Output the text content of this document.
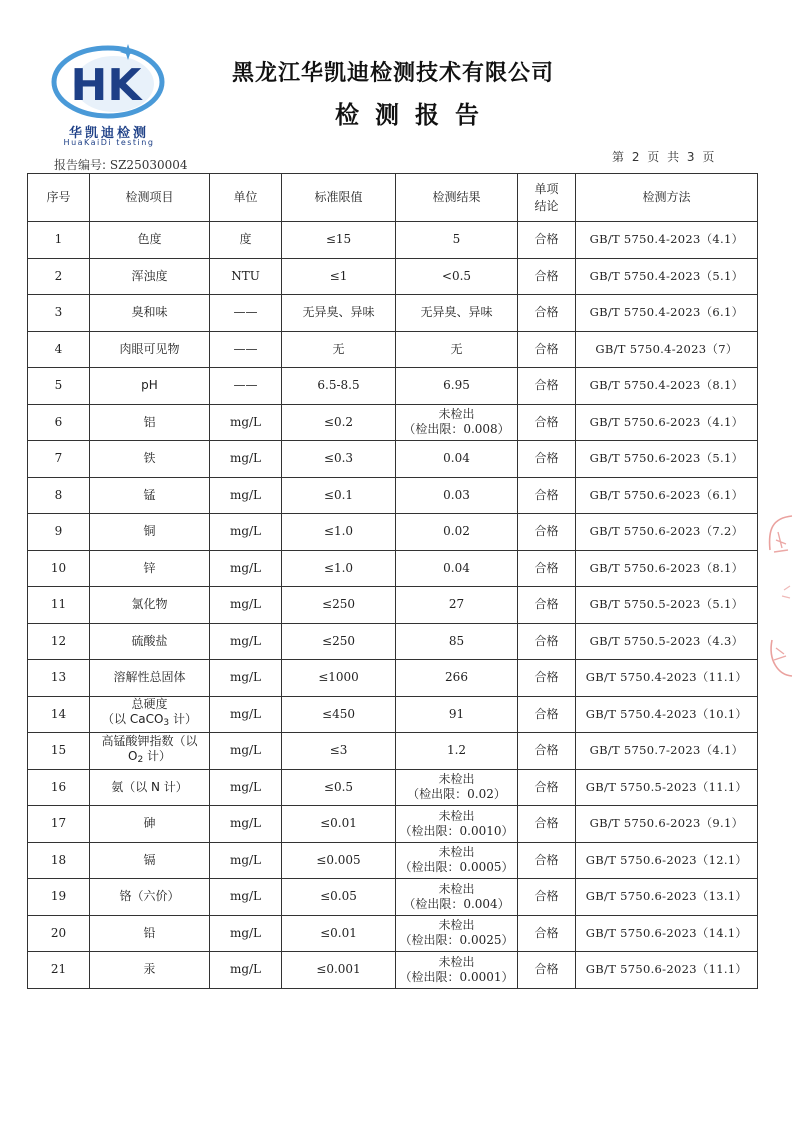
HK
华凯迪检测
HuaKaiDi testing
黑龙江华凯迪检测技术有限公司
检测报告
报告编号: SZ25030004
第 2 页 共 3 页
序号	检测项目	单位	标准限值	检测结果	单项结论	检测方法
1	色度	度	≤15	5	合格	GB/T 5750.4-2023（4.1）
2	浑浊度	NTU	≤1	<0.5	合格	GB/T 5750.4-2023（5.1）
3	臭和味	——	无异臭、异味	无异臭、异味	合格	GB/T 5750.4-2023（6.1）
4	肉眼可见物	——	无	无	合格	GB/T 5750.4-2023（7）
5	pH	——	6.5-8.5	6.95	合格	GB/T 5750.4-2023（8.1）
6	铝	mg/L	≤0.2	未检出
（检出限：0.008）	合格	GB/T 5750.6-2023（4.1）
7	铁	mg/L	≤0.3	0.04	合格	GB/T 5750.6-2023（5.1）
8	锰	mg/L	≤0.1	0.03	合格	GB/T 5750.6-2023（6.1）
9	铜	mg/L	≤1.0	0.02	合格	GB/T 5750.6-2023（7.2）
10	锌	mg/L	≤1.0	0.04	合格	GB/T 5750.6-2023（8.1）
11	氯化物	mg/L	≤250	27	合格	GB/T 5750.5-2023（5.1）
12	硫酸盐	mg/L	≤250	85	合格	GB/T 5750.5-2023（4.3）
13	溶解性总固体	mg/L	≤1000	266	合格	GB/T 5750.4-2023（11.1）
14	总硬度
（以 CaCO$_3$ 计）	mg/L	≤450	91	合格	GB/T 5750.4-2023（10.1）
15	高锰酸钾指数（以
$O_2$ 计）	mg/L	≤3	1.2	合格	GB/T 5750.7-2023（4.1）
16	氨（以 N 计）	mg/L	≤0.5	未检出
（检出限：0.02）	合格	GB/T 5750.5-2023（11.1）
17	砷	mg/L	≤0.01	未检出
（检出限：0.0010）	合格	GB/T 5750.6-2023（9.1）
18	镉	mg/L	≤0.005	未检出
（检出限：0.0005）	合格	GB/T 5750.6-2023（12.1）
19	铬（六价）	mg/L	≤0.05	未检出
（检出限：0.004）	合格	GB/T 5750.6-2023（13.1）
20	铅	mg/L	≤0.01	未检出
（检出限：0.0025）	合格	GB/T 5750.6-2023（14.1）
21	汞	mg/L	≤0.001	未检出
（检出限：0.0001）	合格	GB/T 5750.6-2023（11.1）
